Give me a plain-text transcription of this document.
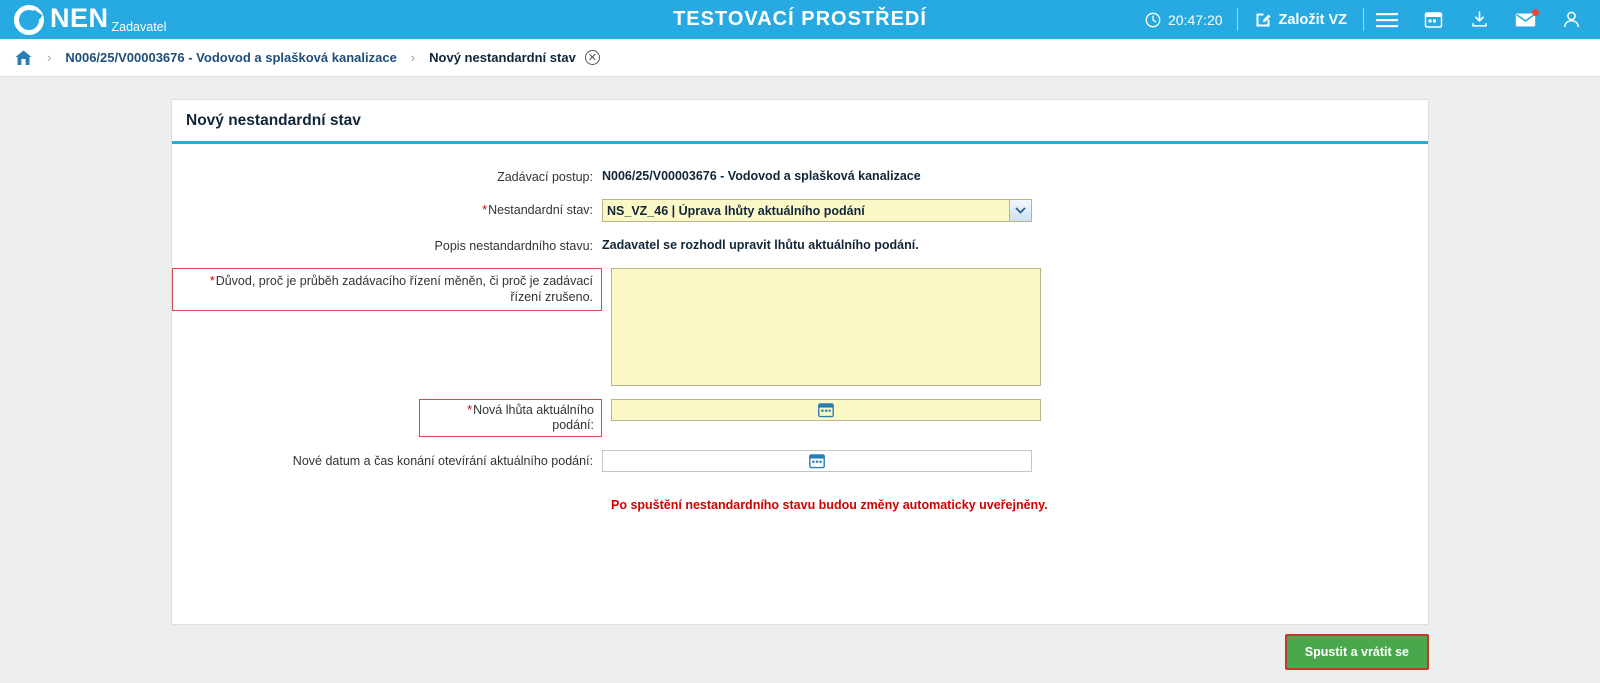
NEN Zadavatel	TESTOVACÍ PROSTŘEDÍ	20:47:20	Založit VZ
› N006/25/V00003676 - Vodovod a splašková kanalizace › Nový nestandardní stav ✕
Nový nestandardní stav
Zadávací postup: N006/25/V00003676 - Vodovod a splašková kanalizace
*Nestandardní stav:
NS_VZ_46 | Úprava lhůty aktuálního podání
Popis nestandardního stavu: Zadavatel se rozhodl upravit lhůtu aktuálního podání.
*Důvod, proč je průběh zadávacího řízení měněn, či proč je zadávací řízení zrušeno.
*Nová lhůta aktuálního podání:
Nové datum a čas konání otevírání aktuálního podání:
Po spuštění nestandardního stavu budou změny automaticky uveřejněny.
Spustit a vrátit se
